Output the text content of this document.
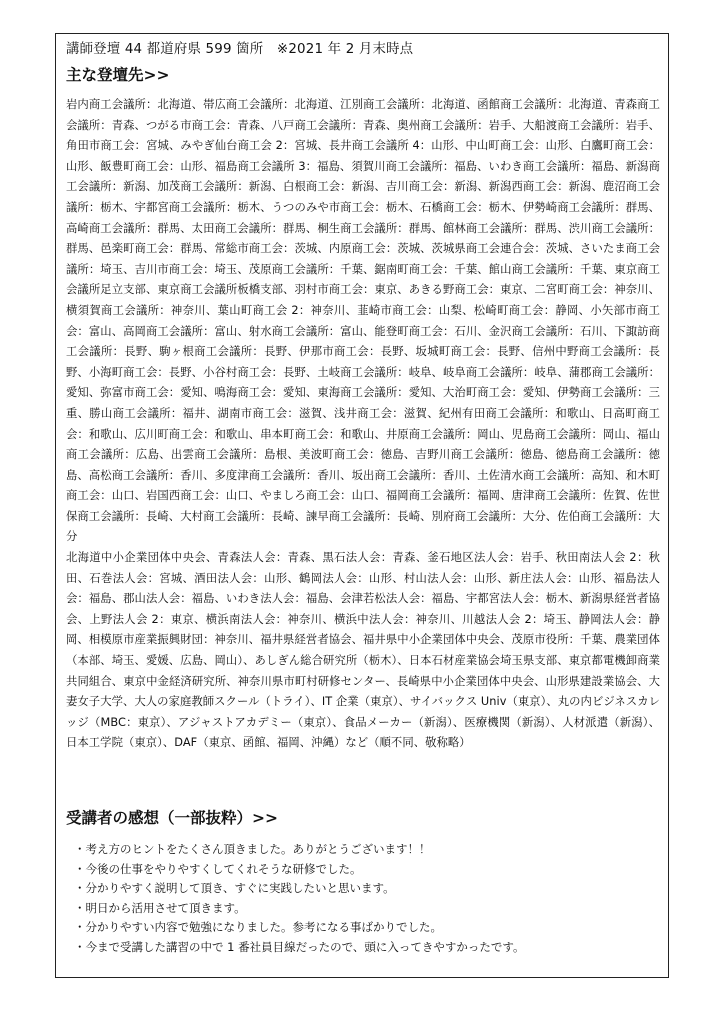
講師登壇 44 都道府県 599 箇所　※2021 年 2 月末時点
主な登壇先>>

岩内商工会議所：北海道、帯広商工会議所：北海道、江別商工会議所：北海道、函館商工会議所：北海道、青森商工会議所：青森、つがる市商工会：青森、八戸商工会議所：青森、奥州商工会議所：岩手、大船渡商工会議所：岩手、角田市商工会：宮城、みやぎ仙台商工会 2：宮城、長井商工会議所 4：山形、中山町商工会：山形、白鷹町商工会：山形、飯豊町商工会：山形、福島商工会議所 3：福島、須賀川商工会議所：福島、いわき商工会議所：福島、新潟商工会議所：新潟、加茂商工会議所：新潟、白根商工会：新潟、吉川商工会：新潟、新潟西商工会：新潟、鹿沼商工会議所：栃木、宇都宮商工会議所：栃木、うつのみや市商工会：栃木、石橋商工会：栃木、伊勢崎商工会議所：群馬、高崎商工会議所：群馬、太田商工会議所：群馬、桐生商工会議所：群馬、館林商工会議所：群馬、渋川商工会議所：群馬、邑楽町商工会：群馬、常総市商工会：茨城、内原商工会：茨城、茨城県商工会連合会：茨城、さいたま商工会議所：埼玉、吉川市商工会：埼玉、茂原商工会議所：千葉、鋸南町商工会：千葉、館山商工会議所：千葉、東京商工会議所足立支部、東京商工会議所板橋支部、羽村市商工会：東京、あきる野商工会：東京、二宮町商工会：神奈川、横須賀商工会議所：神奈川、葉山町商工会 2：神奈川、韮崎市商工会：山梨、松崎町商工会：静岡、小矢部市商工会：富山、高岡商工会議所：富山、射水商工会議所：富山、能登町商工会：石川、金沢商工会議所：石川、下諏訪商工会議所：長野、駒ヶ根商工会議所：長野、伊那市商工会：長野、坂城町商工会：長野、信州中野商工会議所：長野、小海町商工会：長野、小谷村商工会：長野、土岐商工会議所：岐阜、岐阜商工会議所：岐阜、蒲郡商工会議所：愛知、弥富市商工会：愛知、鳴海商工会：愛知、東海商工会議所：愛知、大治町商工会：愛知、伊勢商工会議所：三重、勝山商工会議所：福井、湖南市商工会：滋賀、浅井商工会：滋賀、紀州有田商工会議所：和歌山、日高町商工会：和歌山、広川町商工会：和歌山、串本町商工会：和歌山、井原商工会議所：岡山、児島商工会議所：岡山、福山商工会議所：広島、出雲商工会議所：島根、美波町商工会：徳島、吉野川商工会議所：徳島、徳島商工会議所：徳島、高松商工会議所：香川、多度津商工会議所：香川、坂出商工会議所：香川、土佐清水商工会議所：高知、和木町商工会：山口、岩国西商工会：山口、やましろ商工会：山口、福岡商工会議所：福岡、唐津商工会議所：佐賀、佐世保商工会議所：長崎、大村商工会議所：長崎、諫早商工会議所：長崎、別府商工会議所：大分、佐伯商工会議所：大分

北海道中小企業団体中央会、青森法人会：青森、黒石法人会：青森、釜石地区法人会：岩手、秋田南法人会 2：秋田、石巻法人会：宮城、酒田法人会：山形、鶴岡法人会：山形、村山法人会：山形、新庄法人会：山形、福島法人会：福島、郡山法人会：福島、いわき法人会：福島、会津若松法人会：福島、宇都宮法人会：栃木、新潟県経営者協会、上野法人会 2：東京、横浜南法人会：神奈川、横浜中法人会：神奈川、川越法人会 2：埼玉、静岡法人会：静岡、相模原市産業振興財団：神奈川、福井県経営者協会、福井県中小企業団体中央会、茂原市役所：千葉、農業団体（本部、埼玉、愛媛、広島、岡山）、あしぎん総合研究所（栃木）、日本石材産業協会埼玉県支部、東京都電機卸商業共同組合、東京中金経済研究所、神奈川県市町村研修センター、長崎県中小企業団体中央会、山形県建設業協会、大妻女子大学、大人の家庭教師スクール（トライ）、IT 企業（東京）、サイバックス Univ（東京）、丸の内ビジネスカレッジ（MBC：東京）、アジャストアカデミー（東京）、食品メーカー（新潟）、医療機関（新潟）、人材派遣（新潟）、日本工学院（東京）、DAF（東京、函館、福岡、沖縄）など（順不同、敬称略）

受講者の感想（一部抜粋）>>
・考え方のヒントをたくさん頂きました。ありがとうございます！！
・今後の仕事をやりやすくしてくれそうな研修でした。
・分かりやすく説明して頂き、すぐに実践したいと思います。
・明日から活用させて頂きます。
・分かりやすい内容で勉強になりました。参考になる事ばかりでした。
・今まで受講した講習の中で 1 番社員目線だったので、頭に入ってきやすかったです。
